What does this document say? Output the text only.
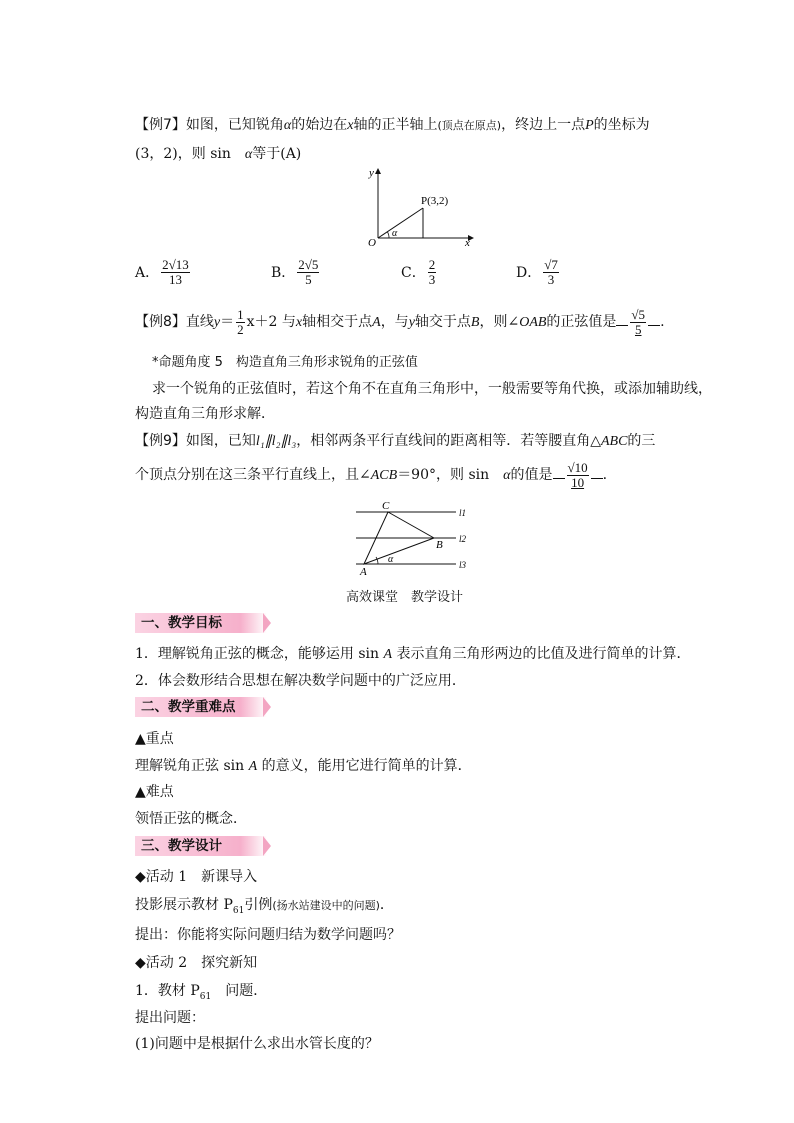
【例7】如图，已知锐角α的始边在x轴的正半轴上(顶点在原点)，终边上一点P的坐标为
(3，2)，则 sin　 α等于(A)
y
x
O
P(3,2)
α
A． $\frac{2√13}{13}$	B． $\frac{2√5}{5}$	C． $\frac{2}{3}$	D． $\frac{√7}{3}$
【例8】直线$y= \frac{1}{2} x+2$ 与x轴相交于点A，与y轴交于点B，则∠OAB的正弦值是 $\frac{√5}{5}$ .
*命题角度 5　构造直角三角形求锐角的正弦值
求一个锐角的正弦值时，若这个角不在直角三角形中，一般需要等角代换，或添加辅助线，
构造直角三角形求解．
【例9】如图，已知l₁∥l₂∥l₃，相邻两条平行直线间的距离相等．若等腰直角△ABC的三
个顶点分别在这三条平行直线上，且∠ACB＝90°，则 sin　 α的值是 $\frac{√10}{10}$ .
C
B
A
α
l1
l2
l3
高效课堂　教学设计
一、教学目标
1．理解锐角正弦的概念，能够运用 sin A 表示直角三角形两边的比值及进行简单的计算．
2．体会数形结合思想在解决数学问题中的广泛应用．
二、教学重难点
▲重点
理解锐角正弦 sin A 的意义，能用它进行简单的计算．
▲难点
领悟正弦的概念．
三、教学设计
◆活动 1　新课导入
投影展示教材 $P_{61}$引例(扬水站建设中的问题)．
提出：你能将实际问题归结为数学问题吗？
◆活动 2　探究新知
1．教材 $P_{61}$　问题．
提出问题：
(1)问题中是根据什么求出水管长度的？
